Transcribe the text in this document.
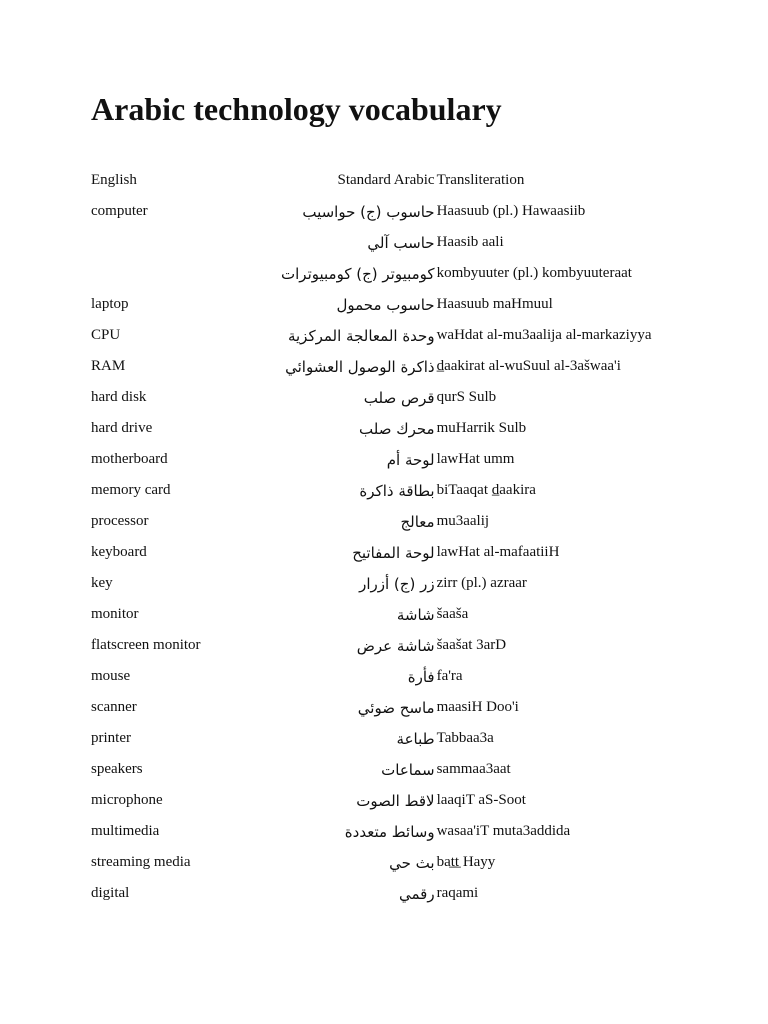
Arabic technology vocabulary
English	Standard Arabic	Transliteration
computer	حاسوب (ج) حواسيب	Haasuub (pl.) Hawaasiib
	حاسب آلي	Haasib aali
	كومبيوتر (ج) كومبيوترات	kombyuuter (pl.) kombyuuteraat
laptop	حاسوب محمول	Haasuub maHmuul
CPU	وحدة المعالجة المركزية	waHdat al-mu3aalija al-markaziyya
RAM	ذاكرة الوصول العشوائي	d̲aakirat al-wuSuul al-3ašwaa'i
hard disk	قرص صلب	qurS Sulb
hard drive	محرك صلب	muHarrik Sulb
motherboard	لوحة أم	lawHat umm
memory card	بطاقة ذاكرة	biTaaqat d̲aakira
processor	معالج	mu3aalij
keyboard	لوحة المفاتيح	lawHat al-mafaatiiH
key	زر (ج) أزرار	zirr (pl.) azraar
monitor	شاشة	šaaša
flatscreen monitor	شاشة عرض	šaašat 3arD
mouse	فأرة	fa'ra
scanner	ماسح ضوئي	maasiH Doo'i
printer	طباعة	Tabbaa3a
speakers	سماعات	sammaa3aat
microphone	لاقط الصوت	laaqiT aS-Soot
multimedia	وسائط متعددة	wasaa'iT muta3addida
streaming media	بث حي	bat̲t̲ Hayy
digital	رقمي	raqami
